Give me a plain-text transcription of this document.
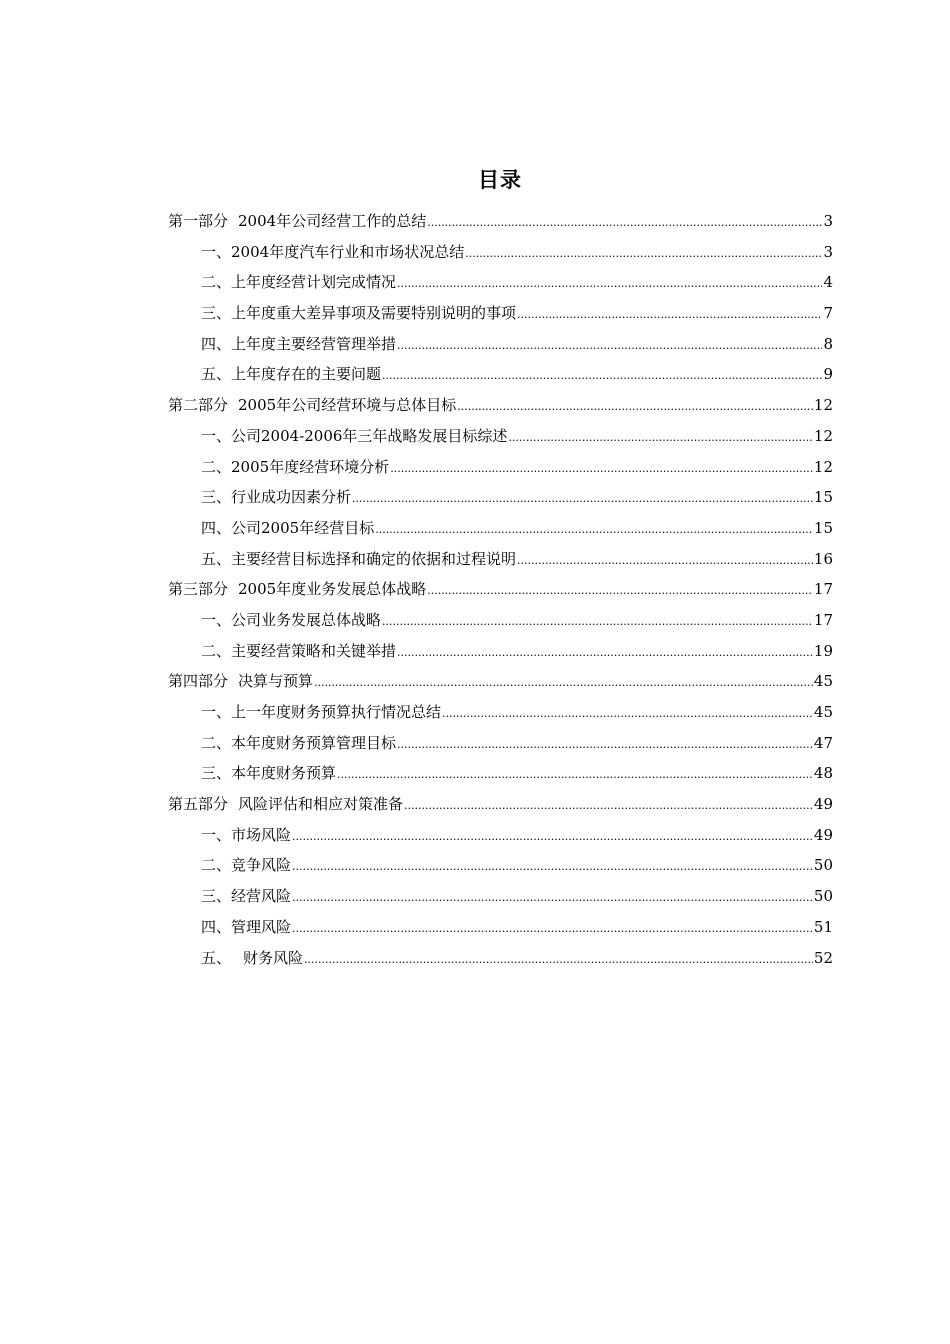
目录
第一部分 2004年公司经营工作的总结 .....	3
一、2004年度汽车行业和市场状况总结 .....	3
二、上年度经营计划完成情况 .....	4
三、上年度重大差异事项及需要特别说明的事项 .....	7
四、上年度主要经营管理举措 .....	8
五、上年度存在的主要问题 .....	9
第二部分 2005年公司经营环境与总体目标 .....	12
一、公司2004-2006年三年战略发展目标综述 .....	12
二、2005年度经营环境分析 .....	12
三、行业成功因素分析 .....	15
四、公司2005年经营目标 .....	15
五、主要经营目标选择和确定的依据和过程说明 .....	16
第三部分 2005年度业务发展总体战略 .....	17
一、公司业务发展总体战略 .....	17
二、主要经营策略和关键举措 .....	19
第四部分 决算与预算 .....	45
一、上一年度财务预算执行情况总结 .....	45
二、本年度财务预算管理目标 .....	47
三、本年度财务预算 .....	48
第五部分 风险评估和相应对策准备 .....	49
一、市场风险 .....	49
二、竞争风险 .....	50
三、经营风险 .....	50
四、管理风险 .....	51
五、 财务风险 .....	52
